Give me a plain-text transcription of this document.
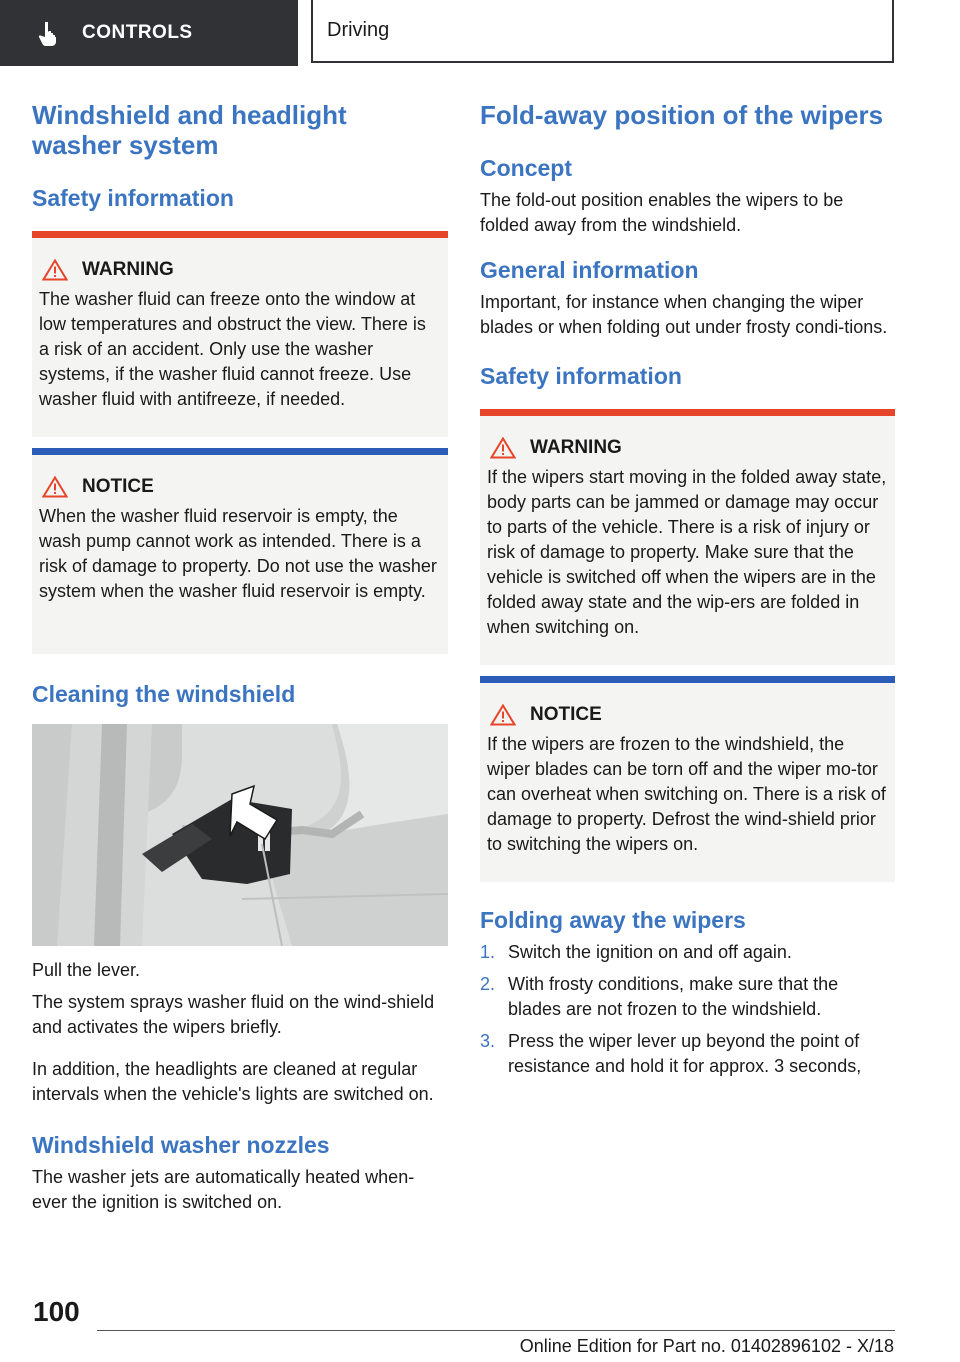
CONTROLS	Driving
Windshield and headlight washer system
Safety information
WARNING

The washer fluid can freeze onto the window at low temperatures and obstruct the view. There is a risk of an accident. Only use the washer systems, if the washer fluid cannot freeze. Use washer fluid with antifreeze, if needed.

NOTICE

When the washer fluid reservoir is empty, the wash pump cannot work as intended. There is a risk of damage to property. Do not use the washer system when the washer fluid reservoir is empty.

Cleaning the windshield

Pull the lever.

The system sprays washer fluid on the wind‐shield and activates the wipers briefly.

In addition, the headlights are cleaned at regular intervals when the vehicle's lights are switched on.

Windshield washer nozzles

The washer jets are automatically heated when‐ever the ignition is switched on.

Fold-away position of the wipers
Concept

The fold-out position enables the wipers to be folded away from the windshield.

General information

Important, for instance when changing the wiper blades or when folding out under frosty condi‐tions.

Safety information
WARNING

If the wipers start moving in the folded away state, body parts can be jammed or damage may occur to parts of the vehicle. There is a risk of injury or risk of damage to property. Make sure that the vehicle is switched off when the wipers are in the folded away state and the wip‐ers are folded in when switching on.

NOTICE

If the wipers are frozen to the windshield, the wiper blades can be torn off and the wiper mo‐tor can overheat when switching on. There is a risk of damage to property. Defrost the wind‐shield prior to switching the wipers on.

Folding away the wipers
1. Switch the ignition on and off again.
2. With frosty conditions, make sure that the blades are not frozen to the windshield.
3. Press the wiper lever up beyond the point of resistance and hold it for approx. 3 seconds,
100
Online Edition for Part no. 01402896102 - X/18
